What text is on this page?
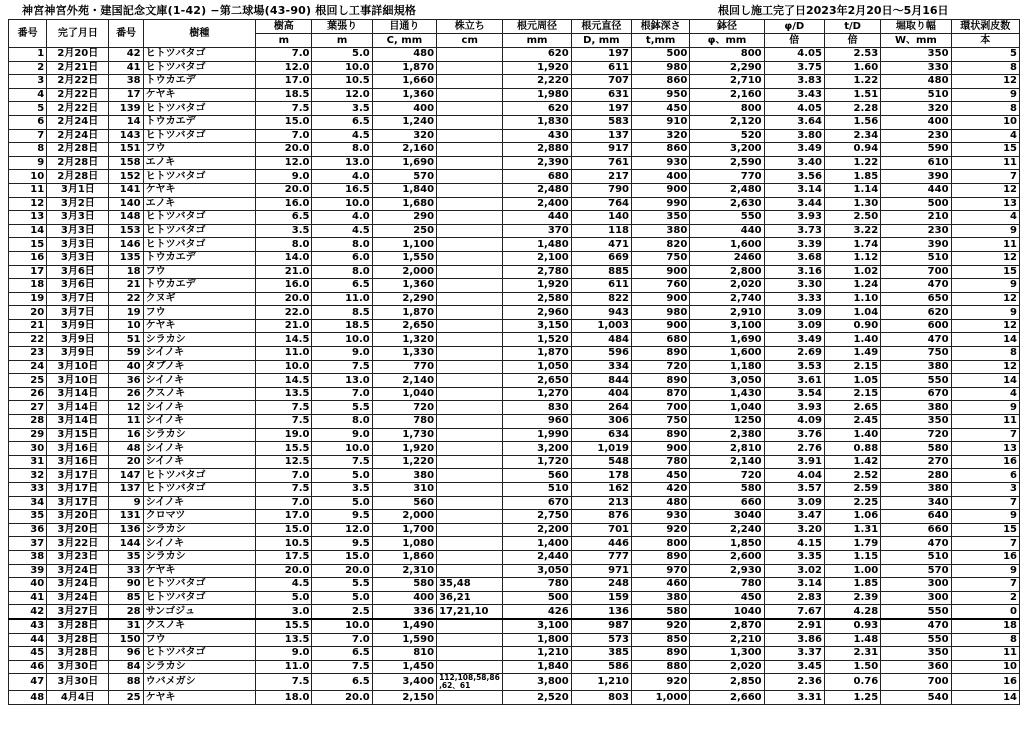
神宮神宮外苑・建国記念文庫(1-42) −第二球場(43-90) 根回し工事詳細規格	根回し施工完了日2023年2月20日～5月16日
番号	完了月日	番号	樹種	樹高	葉張り	目通り	株立ち	根元周径	根元直径	根鉢深さ	鉢径	φ/D	t/D	堀取り幅	環状剥皮数
				m	m	C, mm	cm	mm	D, mm	t,mm	φ、mm	倍	倍	W、mm	本
1	2月20日	42	ヒトツバタゴ	7.0	5.0	480		620	197	500	800	4.05	2.53	350	5
2	2月21日	41	ヒトツバタゴ	12.0	10.0	1,870		1,920	611	980	2,290	3.75	1.60	330	8
3	2月22日	38	トウカエデ	17.0	10.5	1,660		2,220	707	860	2,710	3.83	1.22	480	12
4	2月22日	17	ケヤキ	18.5	12.0	1,360		1,980	631	950	2,160	3.43	1.51	510	9
5	2月22日	139	ヒトツバタゴ	7.5	3.5	400		620	197	450	800	4.05	2.28	320	8
6	2月24日	14	トウカエデ	15.0	6.5	1,240		1,830	583	910	2,120	3.64	1.56	400	10
7	2月24日	143	ヒトツバタゴ	7.0	4.5	320		430	137	320	520	3.80	2.34	230	4
8	2月28日	151	フウ	20.0	8.0	2,160		2,880	917	860	3,200	3.49	0.94	590	15
9	2月28日	158	エノキ	12.0	13.0	1,690		2,390	761	930	2,590	3.40	1.22	610	11
10	2月28日	152	ヒトツバタゴ	9.0	4.0	570		680	217	400	770	3.56	1.85	390	7
11	3月1日	141	ケヤキ	20.0	16.5	1,840		2,480	790	900	2,480	3.14	1.14	440	12
12	3月2日	140	エノキ	16.0	10.0	1,680		2,400	764	990	2,630	3.44	1.30	500	13
13	3月3日	148	ヒトツバタゴ	6.5	4.0	290		440	140	350	550	3.93	2.50	210	4
14	3月3日	153	ヒトツバタゴ	3.5	4.5	250		370	118	380	440	3.73	3.22	230	9
15	3月3日	146	ヒトツバタゴ	8.0	8.0	1,100		1,480	471	820	1,600	3.39	1.74	390	11
16	3月3日	135	トウカエデ	14.0	6.0	1,550		2,100	669	750	2460	3.68	1.12	510	12
17	3月6日	18	フウ	21.0	8.0	2,000		2,780	885	900	2,800	3.16	1.02	700	15
18	3月6日	21	トウカエデ	16.0	6.5	1,360		1,920	611	760	2,020	3.30	1.24	470	9
19	3月7日	22	クヌギ	20.0	11.0	2,290		2,580	822	900	2,740	3.33	1.10	650	12
20	3月7日	19	フウ	22.0	8.5	1,870		2,960	943	980	2,910	3.09	1.04	620	9
21	3月9日	10	ケヤキ	21.0	18.5	2,650		3,150	1,003	900	3,100	3.09	0.90	600	12
22	3月9日	51	シラカシ	14.5	10.0	1,320		1,520	484	680	1,690	3.49	1.40	470	14
23	3月9日	59	シイノキ	11.0	9.0	1,330		1,870	596	890	1,600	2.69	1.49	750	8
24	3月10日	40	タブノキ	10.0	7.5	770		1,050	334	720	1,180	3.53	2.15	380	12
25	3月10日	36	シイノキ	14.5	13.0	2,140		2,650	844	890	3,050	3.61	1.05	550	14
26	3月14日	26	クスノキ	13.5	7.0	1,040		1,270	404	870	1,430	3.54	2.15	670	4
27	3月14日	12	シイノキ	7.5	5.5	720		830	264	700	1,040	3.93	2.65	380	9
28	3月14日	11	シイノキ	7.5	8.0	780		960	306	750	1250	4.09	2.45	350	11
29	3月15日	16	シラカシ	19.0	9.0	1,730		1,990	634	890	2,380	3.76	1.40	720	7
30	3月16日	48	シイノキ	15.5	10.0	1,920		3,200	1,019	900	2,810	2.76	0.88	580	13
31	3月16日	20	シイノキ	12.5	7.5	1,220		1,720	548	780	2,140	3.91	1.42	270	16
32	3月17日	147	ヒトツバタゴ	7.0	5.0	380		560	178	450	720	4.04	2.52	280	6
33	3月17日	137	ヒトツバタゴ	7.5	3.5	310		510	162	420	580	3.57	2.59	380	3
34	3月17日	9	シイノキ	7.0	5.0	560		670	213	480	660	3.09	2.25	340	7
35	3月20日	131	クロマツ	17.0	9.5	2,000		2,750	876	930	3040	3.47	1.06	640	9
36	3月20日	136	シラカシ	15.0	12.0	1,700		2,200	701	920	2,240	3.20	1.31	660	15
37	3月22日	144	シイノキ	10.5	9.5	1,080		1,400	446	800	1,850	4.15	1.79	470	7
38	3月23日	35	シラカシ	17.5	15.0	1,860		2,440	777	890	2,600	3.35	1.15	510	16
39	3月24日	33	ケヤキ	20.0	20.0	2,310		3,050	971	970	2,930	3.02	1.00	570	9
40	3月24日	90	ヒトツバタゴ	4.5	5.5	580	35,48	780	248	460	780	3.14	1.85	300	7
41	3月24日	85	ヒトツバタゴ	5.0	5.0	400	36,21	500	159	380	450	2.83	2.39	300	2
42	3月27日	28	サンゴジュ	3.0	2.5	336	17,21,10	426	136	580	1040	7.67	4.28	550	0
43	3月28日	31	クスノキ	15.5	10.0	1,490		3,100	987	920	2,870	2.91	0.93	470	18
44	3月28日	150	フウ	13.5	7.0	1,590		1,800	573	850	2,210	3.86	1.48	550	8
45	3月28日	96	ヒトツバタゴ	9.0	6.5	810		1,210	385	890	1,300	3.37	2.31	350	11
46	3月30日	84	シラカシ	11.0	7.5	1,450		1,840	586	880	2,020	3.45	1.50	360	10
47	3月30日	88	ウバメガシ	7.5	6.5	3,400	112,108,58,86 ,62、61	3,800	1,210	920	2,850	2.36	0.76	700	16
48	4月4日	25	ケヤキ	18.0	20.0	2,150		2,520	803	1,000	2,660	3.31	1.25	540	14
